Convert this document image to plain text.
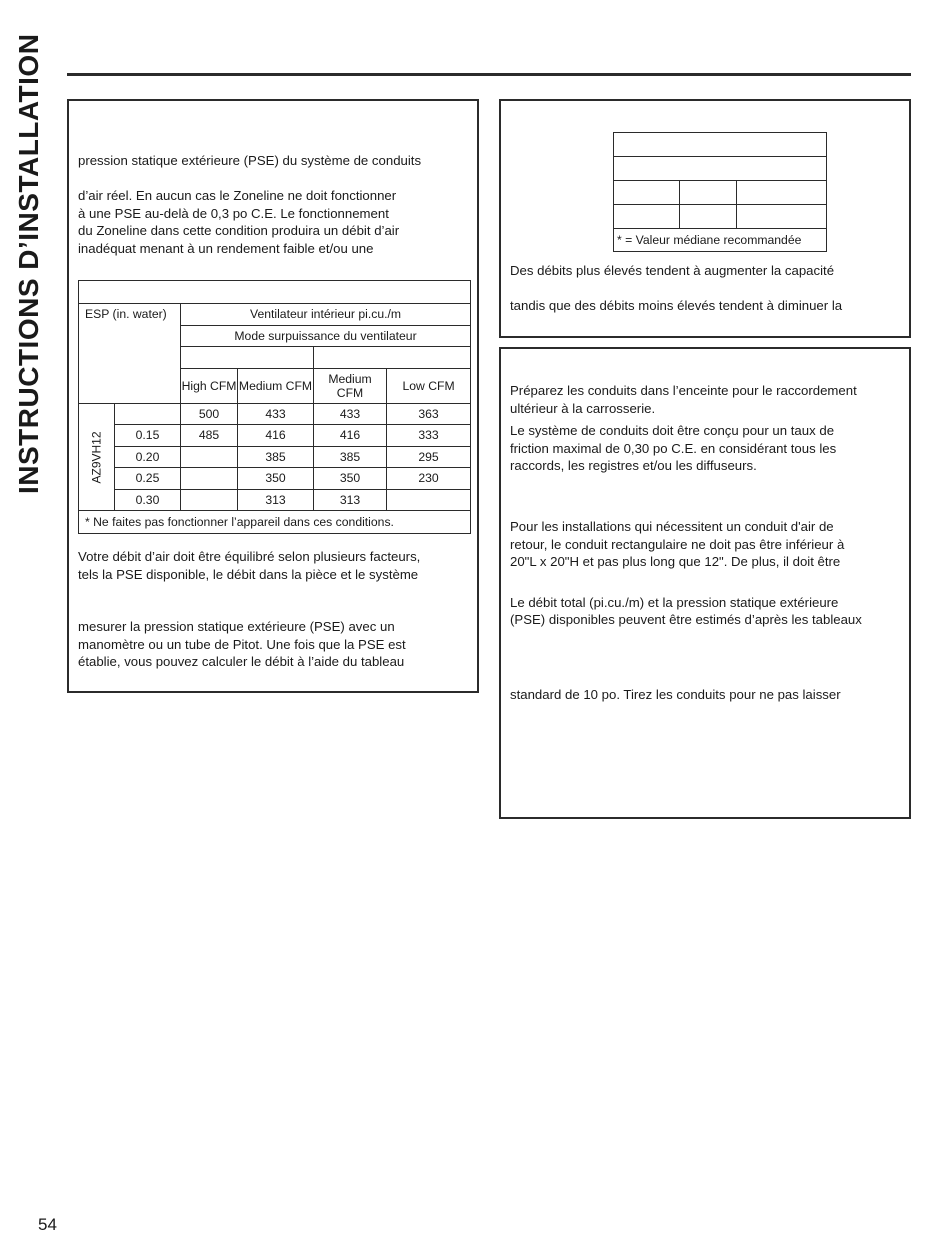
INSTRUCTIONS D’INSTALLATION	pression statique extérieure (PSE) du système de conduits

d’air réel. En aucun cas le Zoneline ne doit fonctionner

à une PSE au-delà de 0,3 po C.E. Le fonctionnement

du Zoneline dans cette condition produira un débit d’air

inadéquat menant à un rendement faible et/ou une

ESP (in. water)		Ventilateur intérieur pi.cu./m			
		Mode surpuissance du ventilateur			

		High CFM	Medium CFM	Medium CFM	Low CFM

AZ9VH12		500	433	433	363
	0.15	485	416	416	333
	0.20		385	385	295
	0.25		350	350	230
	0.30		313	313	
* Ne faites pas fonctionner l’appareil dans ces conditions.					

Votre débit d’air doit être équilibré selon plusieurs facteurs,

tels la PSE disponible, le débit dans la pièce et le système

mesurer la pression statique extérieure (PSE) avec un

manomètre ou un tube de Pitot. Une fois que la PSE est

établie, vous pouvez calculer le débit à l’aide du tableau

* = Valeur médiane recommandée		

Des débits plus élevés tendent à augmenter la capacité

tandis que des débits moins élevés tendent à diminuer la

Préparez les conduits dans l’enceinte pour le raccordement

ultérieur à la carrosserie.

Le système de conduits doit être conçu pour un taux de

friction maximal de 0,30 po C.E. en considérant tous les

raccords, les registres et/ou les diffuseurs.

Pour les installations qui nécessitent un conduit d'air de

retour, le conduit rectangulaire ne doit pas être inférieur à

20"L x 20"H et pas plus long que 12". De plus, il doit être

Le débit total (pi.cu./m) et la pression statique extérieure

(PSE) disponibles peuvent être estimés d’après les tableaux

standard de 10 po. Tirez les conduits pour ne pas laisser

54
